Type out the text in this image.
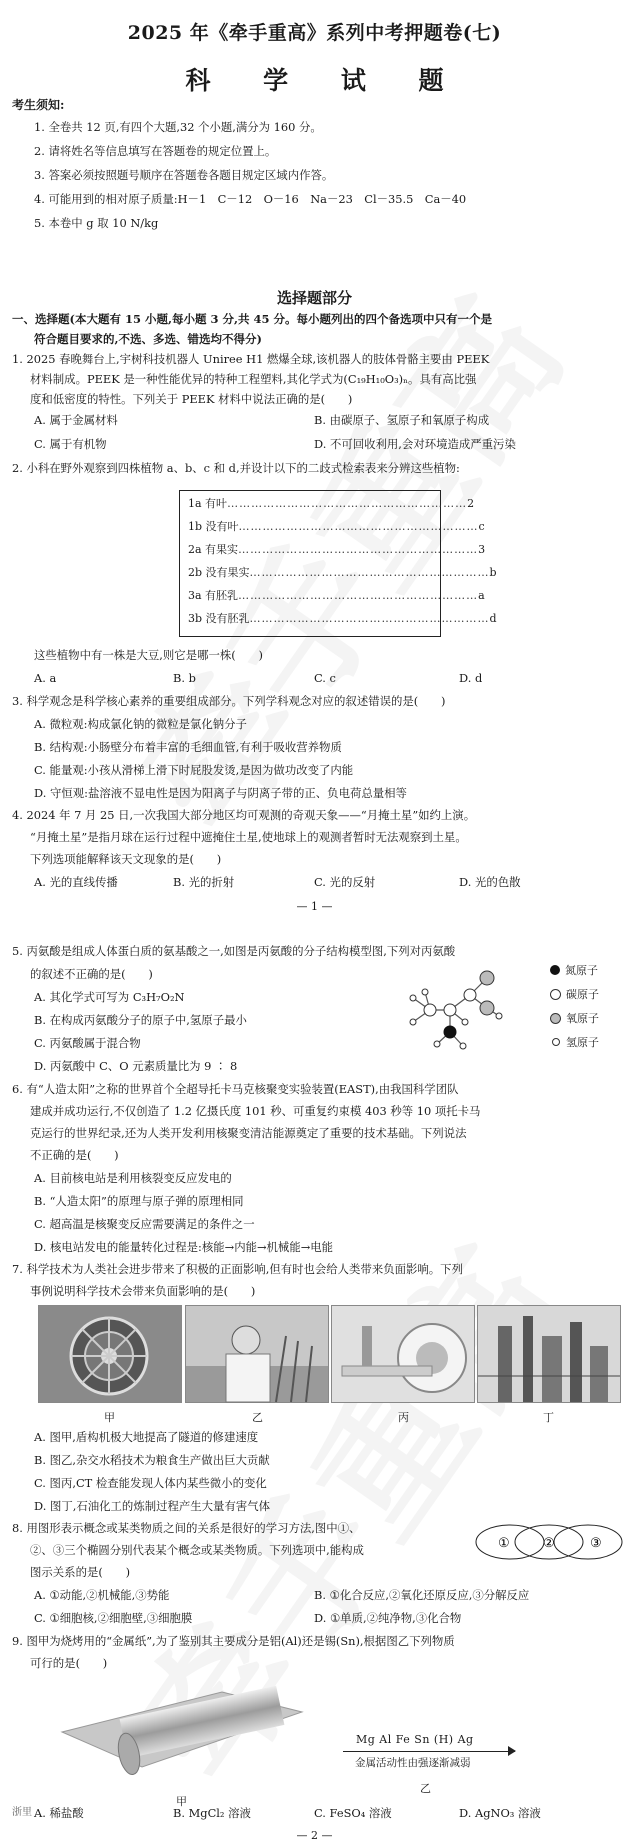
2025 年《牵手重高》系列中考押题卷(七)
科 学 试 题
考生须知:
1. 全卷共 12 页,有四个大题,32 个小题,满分为 160 分。
2. 请将姓名等信息填写在答题卷的规定位置上。
3. 答案必须按照题号顺序在答题卷各题目规定区域内作答。
4. 可能用到的相对原子质量:H－1　C－12　O－16　Na－23　Cl－35.5　Ca－40
5. 本卷中 g 取 10 N/kg
选择题部分
一、选择题(本大题有 15 小题,每小题 3 分,共 45 分。每小题列出的四个备选项中只有一个是
符合题目要求的,不选、多选、错选均不得分)
1. 2025 春晚舞台上,宇树科技机器人 Uniree H1 燃爆全球,该机器人的肢体骨骼主要由 PEEK
材料制成。PEEK 是一种性能优异的特种工程塑料,其化学式为(C₁₉H₁₀O₃)ₙ。具有高比强
度和低密度的特性。下列关于 PEEK 材料中说法正确的是(　　)
A. 属于金属材料	B. 由碳原子、氢原子和氧原子构成
C. 属于有机物	D. 不可回收利用,会对环境造成严重污染
2. 小科在野外观察到四株植物 a、b、c 和 d,并设计以下的二歧式检索表来分辨这些植物:
1a 有叶 …………………………………………………… 2
1b 没有叶 …………………………………………………… c
2a 有果实 …………………………………………………… 3
2b 没有果实 …………………………………………………… b
3a 有胚乳 …………………………………………………… a
3b 没有胚乳 …………………………………………………… d
这些植物中有一株是大豆,则它是哪一株(　　)
A. a	B. b	C. c	D. d
3. 科学观念是科学核心素养的重要组成部分。下列学科观念对应的叙述错误的是(　　)
A. 微粒观:构成氯化钠的微粒是氯化钠分子
B. 结构观:小肠壁分布着丰富的毛细血管,有利于吸收营养物质
C. 能量观:小孩从滑梯上滑下时屁股发烫,是因为做功改变了内能
D. 守恒观:盐溶液不显电性是因为阳离子与阴离子带的正、负电荷总量相等
4. 2024 年 7 月 25 日,一次我国大部分地区均可观测的奇观天象——“月掩土星”如约上演。
“月掩土星”是指月球在运行过程中遮掩住土星,使地球上的观测者暂时无法观察到土星。
下列选项能解释该天文现象的是(　　)
A. 光的直线传播	B. 光的折射	C. 光的反射	D. 光的色散
— 1 —
5. 丙氨酸是组成人体蛋白质的氨基酸之一,如图是丙氨酸的分子结构模型图,下列对丙氨酸
的叙述不正确的是(　　)
A. 其化学式可写为 C₃H₇O₂N
B. 在构成丙氨酸分子的原子中,氢原子最小
C. 丙氨酸属于混合物
D. 丙氨酸中 C、O 元素质量比为 9 ∶ 8
氮原子
碳原子
氧原子
氢原子
6. 有“人造太阳”之称的世界首个全超导托卡马克核聚变实验装置(EAST),由我国科学团队
建成并成功运行,不仅创造了 1.2 亿摄氏度 101 秒、可重复约束模 403 秒等 10 项托卡马
克运行的世界纪录,还为人类开发利用核聚变清洁能源奠定了重要的技术基础。下列说法
不正确的是(　　)
A. 目前核电站是利用核裂变反应发电的
B. “人造太阳”的原理与原子弹的原理相同
C. 超高温是核聚变反应需要满足的条件之一
D. 核电站发电的能量转化过程是:核能→内能→机械能→电能
7. 科学技术为人类社会进步带来了积极的正面影响,但有时也会给人类带来负面影响。下列
事例说明科学技术会带来负面影响的是(　　)
甲	乙	丙	丁
A. 图甲,盾构机极大地提高了隧道的修建速度
B. 图乙,杂交水稻技术为粮食生产做出巨大贡献
C. 图丙,CT 检查能发现人体内某些微小的变化
D. 图丁,石油化工的炼制过程产生大量有害气体
8. 用图形表示概念或某类物质之间的关系是很好的学习方法,图中①、
②、③三个椭圆分别代表某个概念或某类物质。下列选项中,能构成
图示关系的是(　　)
①	②	③
A. ①动能,②机械能,③势能	B. ①化合反应,②氧化还原反应,③分解反应
C. ①细胞核,②细胞壁,③细胞膜	D. ①单质,②纯净物,③化合物
9. 图甲为烧烤用的“金属纸”,为了鉴别其主要成分是铝(Al)还是锡(Sn),根据图乙下列物质
可行的是(　　)
甲
Mg Al Fe Sn (H) Ag
金属活动性由强逐渐减弱
乙
浙里 A. 稀盐酸	B. MgCl₂ 溶液	C. FeSO₄ 溶液	D. AgNO₃ 溶液
— 2 —
